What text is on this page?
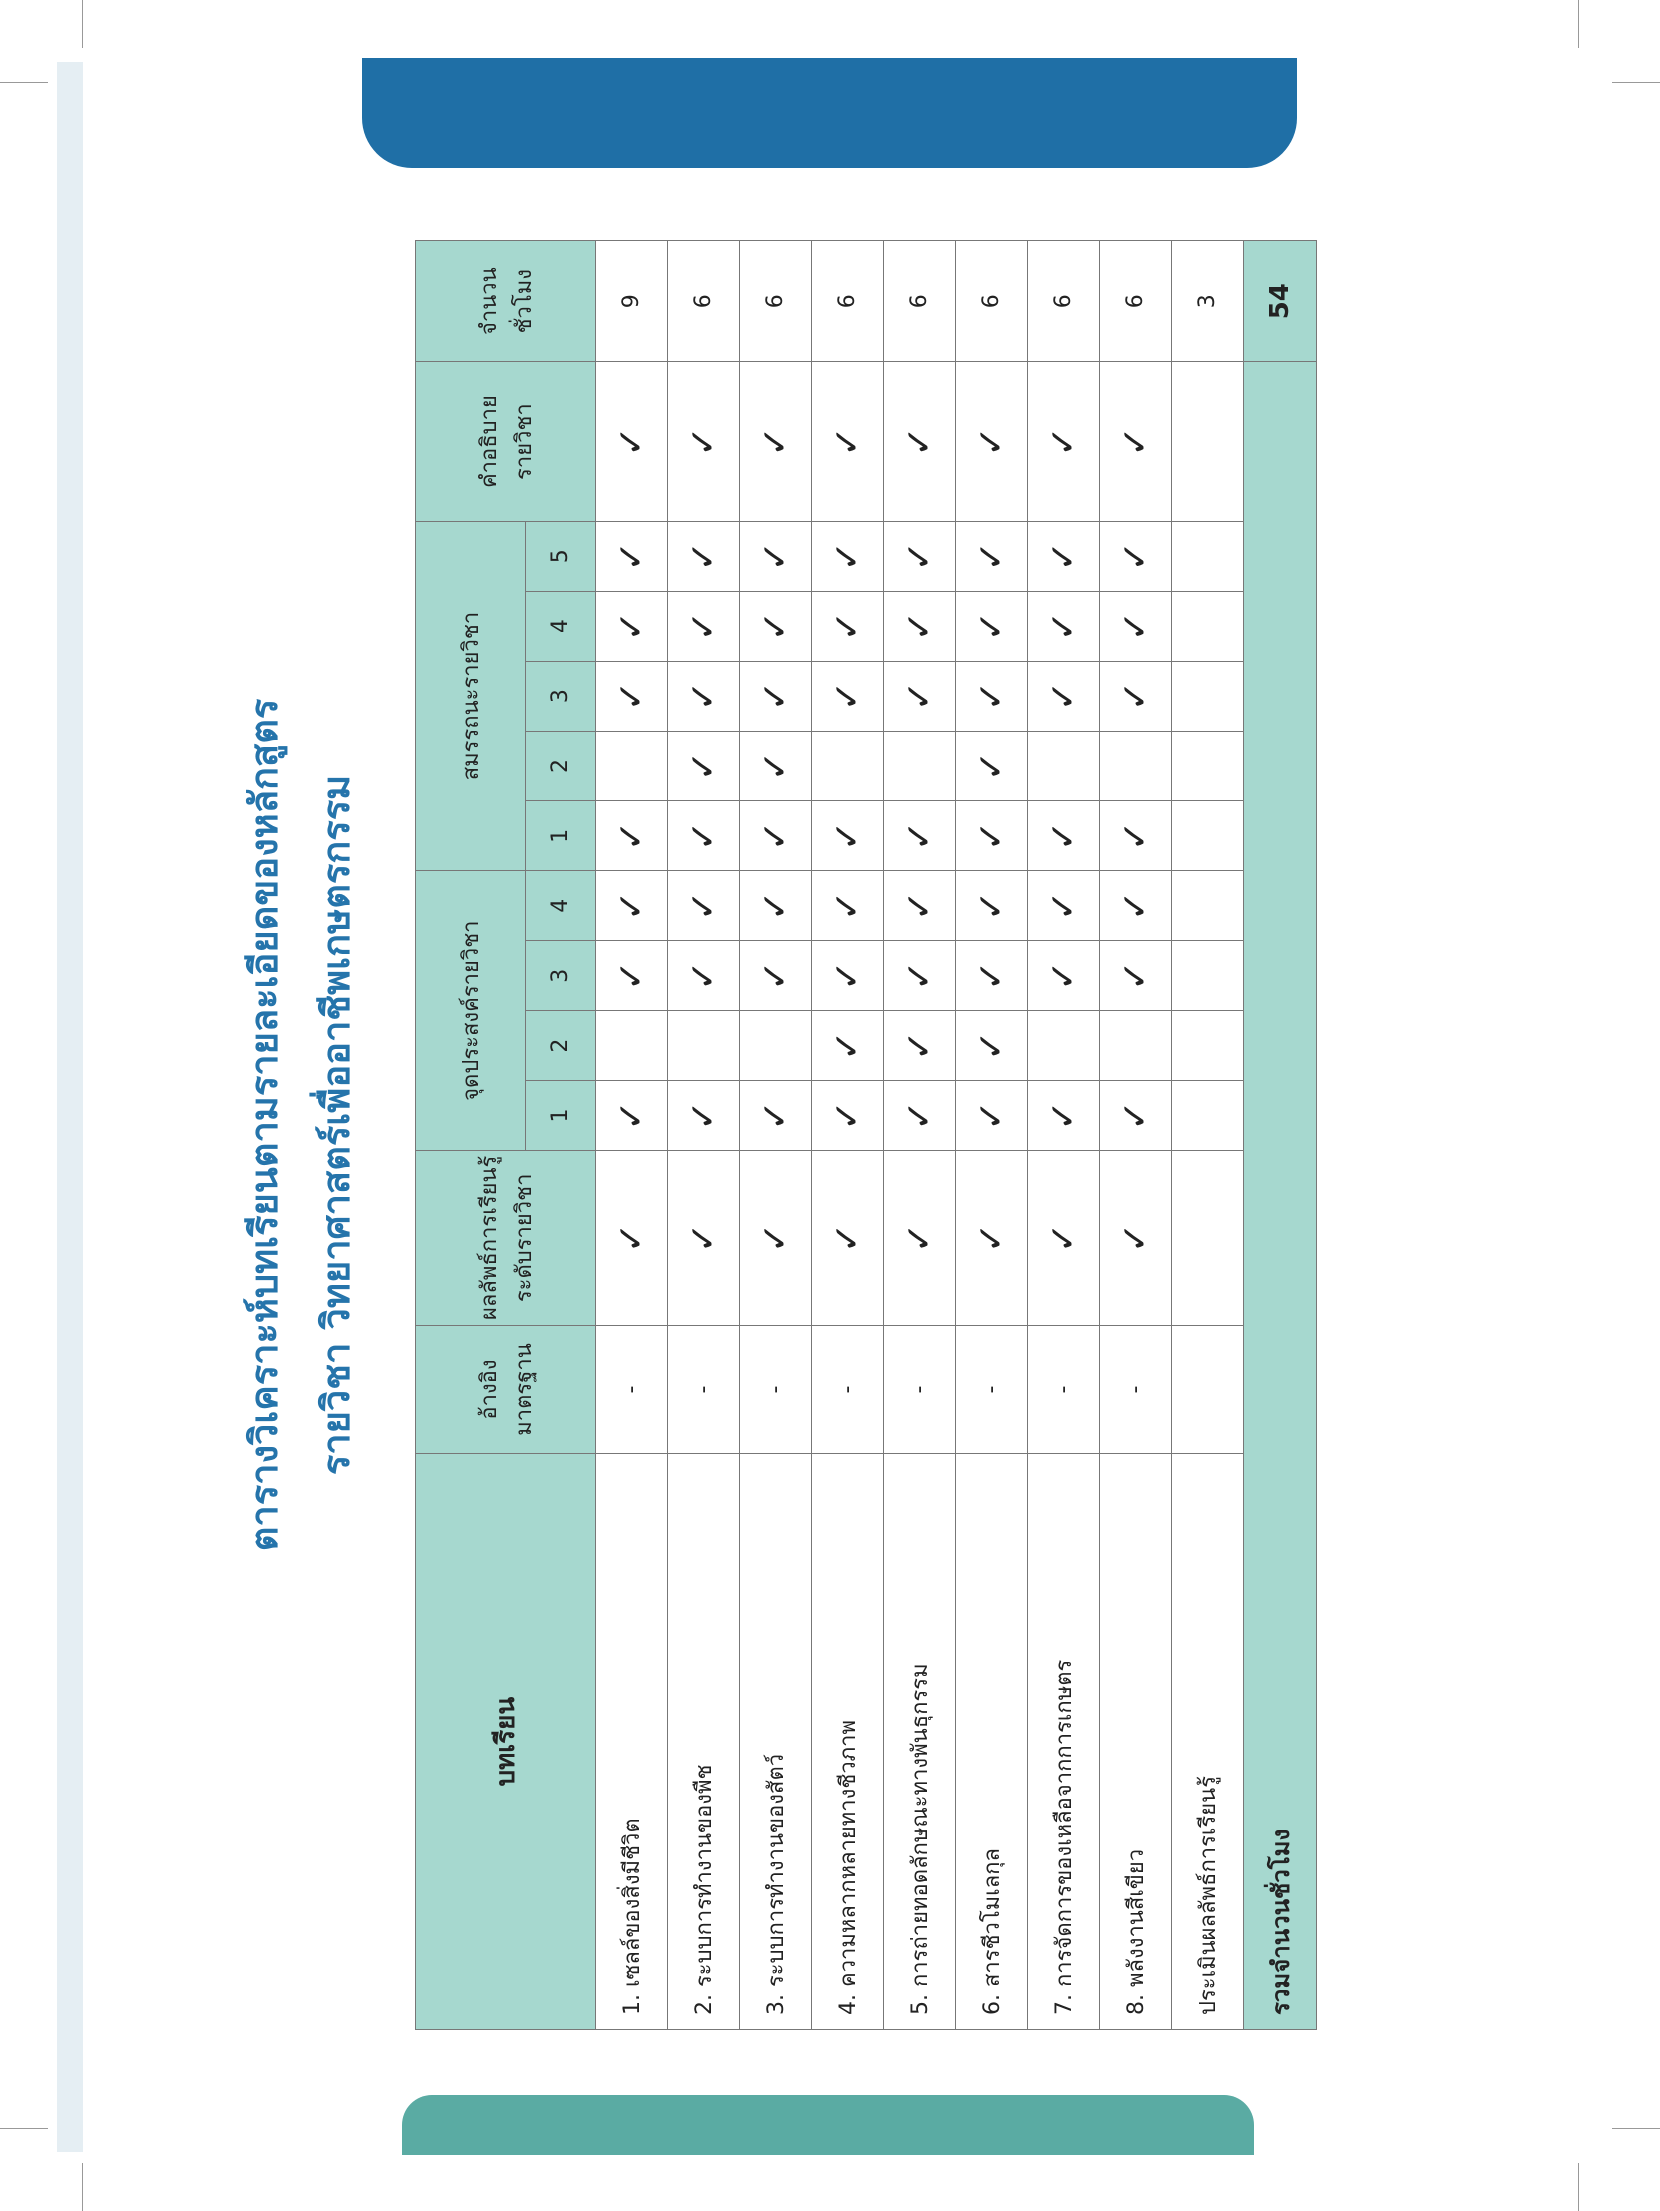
ตารางวิเคราะห์บทเรียนตามรายละเอียดของหลักสูตร รายวิชา วิทยาศาสตร์เพื่ออาชีพเกษตรกรรม
บทเรียน	อ้างอิงมาตรฐาน	ผลลัพธ์การเรียนรู้ระดับรายวิชา	จุดประสงค์รายวิชา				สมรรถนะรายวิชา					คำอธิบายรายวิชา	จำนวนชั่วโมง
			1	2	3	4	1	2	3	4	5		
1. เซลล์ของสิ่งมีชีวิต	-	✓	✓		✓	✓	✓		✓	✓	✓	✓	9
2. ระบบการทำงานของพืช	-	✓	✓		✓	✓	✓	✓	✓	✓	✓	✓	6
3. ระบบการทำงานของสัตว์	-	✓	✓		✓	✓	✓	✓	✓	✓	✓	✓	6
4. ความหลากหลายทางชีวภาพ	-	✓	✓	✓	✓	✓	✓		✓	✓	✓	✓	6
5. การถ่ายทอดลักษณะทางพันธุกรรม	-	✓	✓	✓	✓	✓	✓		✓	✓	✓	✓	6
6. สารชีวโมเลกุล	-	✓	✓	✓	✓	✓	✓	✓	✓	✓	✓	✓	6
7. การจัดการของเหลือจากการเกษตร	-	✓	✓		✓	✓	✓		✓	✓	✓	✓	6
8. พลังงานสีเขียว	-	✓	✓		✓	✓	✓		✓	✓	✓	✓	6
ประเมินผลลัพธ์การเรียนรู้													3
รวมจำนวนชั่วโมง													54
